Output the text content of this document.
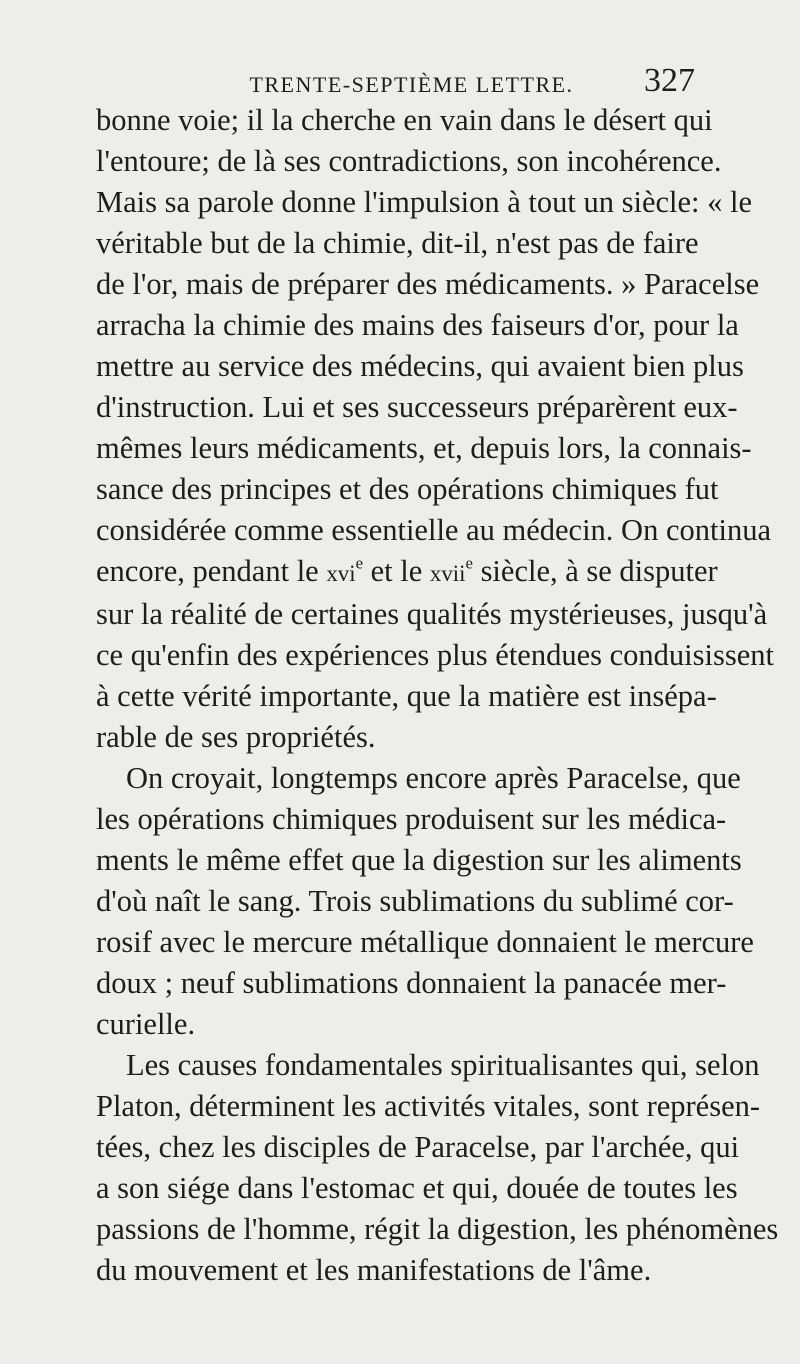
TRENTE-SEPTIÈME LETTRE.	327
bonne voie; il la cherche en vain dans le désert qui
l'entoure; de là ses contradictions, son incohérence.
Mais sa parole donne l'impulsion à tout un siècle: « le
véritable but de la chimie, dit-il, n'est pas de faire
de l'or, mais de préparer des médicaments. » Paracelse
arracha la chimie des mains des faiseurs d'or, pour la
mettre au service des médecins, qui avaient bien plus
d'instruction. Lui et ses successeurs préparèrent eux-
mêmes leurs médicaments, et, depuis lors, la connais-
sance des principes et des opérations chimiques fut
considérée comme essentielle au médecin. On continua
encore, pendant le xvi$^e$ et le xvii$^e$ siècle, à se disputer
sur la réalité de certaines qualités mystérieuses, jusqu'à
ce qu'enfin des expériences plus étendues conduisissent
à cette vérité importante, que la matière est insépa-
rable de ses propriétés.
On croyait, longtemps encore après Paracelse, que
les opérations chimiques produisent sur les médica-
ments le même effet que la digestion sur les aliments
d'où naît le sang. Trois sublimations du sublimé cor-
rosif avec le mercure métallique donnaient le mercure
doux ; neuf sublimations donnaient la panacée mer-
curielle.
Les causes fondamentales spiritualisantes qui, selon
Platon, déterminent les activités vitales, sont représen-
tées, chez les disciples de Paracelse, par l'archée, qui
a son siége dans l'estomac et qui, douée de toutes les
passions de l'homme, régit la digestion, les phénomènes
du mouvement et les manifestations de l'âme.
